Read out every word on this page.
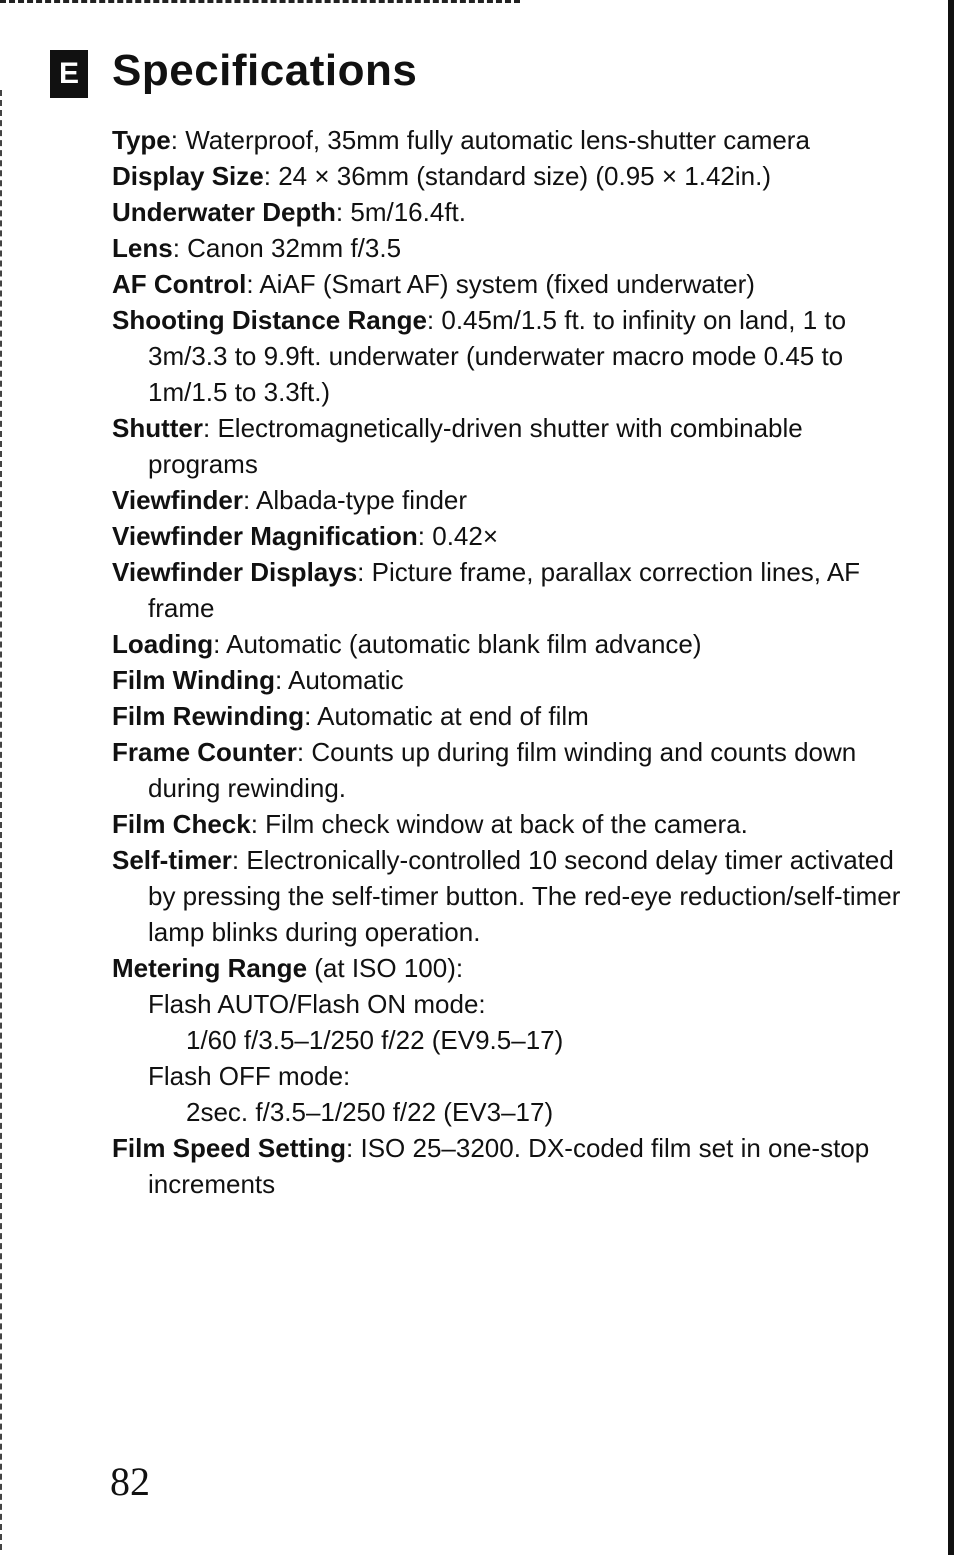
E Specifications
Type: Waterproof, 35mm fully automatic lens-shutter camera
Display Size: 24 × 36mm (standard size) (0.95 × 1.42in.)
Underwater Depth: 5m/16.4ft.
Lens: Canon 32mm f/3.5
AF Control: AiAF (Smart AF) system (fixed underwater)
Shooting Distance Range: 0.45m/1.5 ft. to infinity on land, 1 to 3m/3.3 to 9.9ft. underwater (underwater macro mode 0.45 to 1m/1.5 to 3.3ft.)
Shutter: Electromagnetically-driven shutter with combinable programs
Viewfinder: Albada-type finder
Viewfinder Magnification: 0.42×
Viewfinder Displays: Picture frame, parallax correction lines, AF frame
Loading: Automatic (automatic blank film advance)
Film Winding: Automatic
Film Rewinding: Automatic at end of film
Frame Counter: Counts up during film winding and counts down during rewinding.
Film Check: Film check window at back of the camera.
Self-timer: Electronically-controlled 10 second delay timer activated by pressing the self-timer button. The red-eye reduction/self-timer lamp blinks during operation.
Metering Range (at ISO 100):
Flash AUTO/Flash ON mode:
1/60 f/3.5–1/250 f/22 (EV9.5–17)
Flash OFF mode:
2sec. f/3.5–1/250 f/22 (EV3–17)
Film Speed Setting: ISO 25–3200. DX-coded film set in one-stop increments
82
